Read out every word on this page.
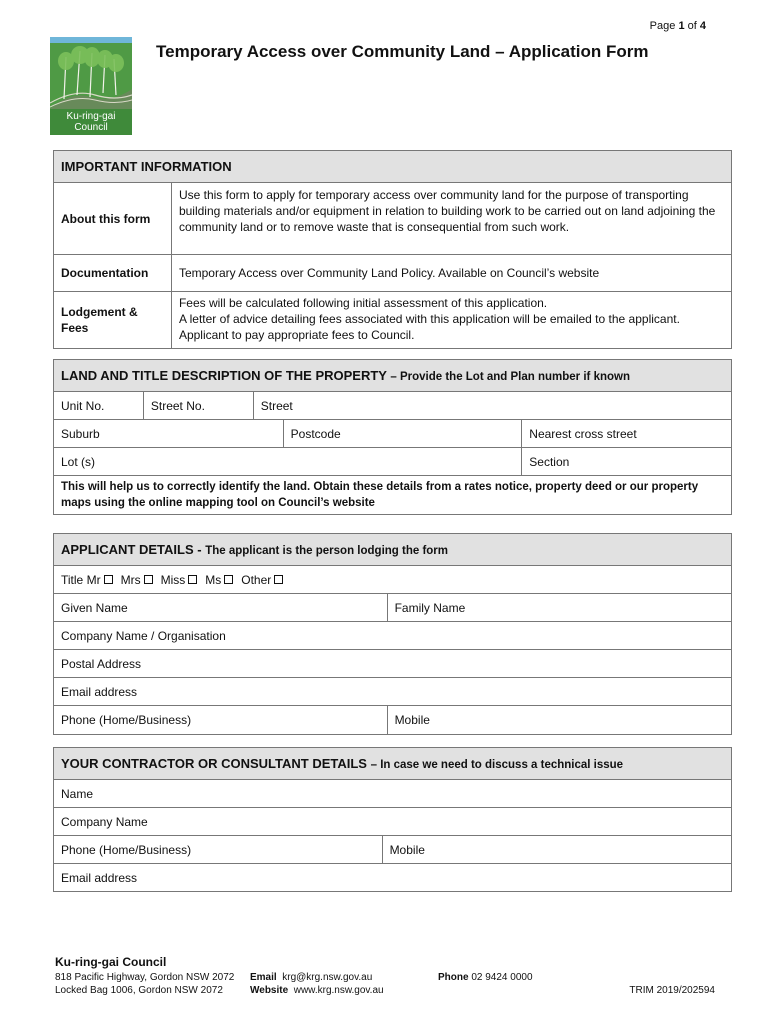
Page 1 of 4
Ku-ring-gai
Council
Temporary Access over Community Land – Application Form
IMPORTANT INFORMATION	
About this form	Use this form to apply for temporary access over community land for the purpose of transporting building materials and/or equipment in relation to building work to be carried out on land adjoining the community land or to remove waste that is consequential from such work.
Documentation	Temporary Access over Community Land Policy. Available on Council’s website
Lodgement & Fees	Fees will be calculated following initial assessment of this application.
A letter of advice detailing fees associated with this application will be emailed to the applicant.
Applicant to pay appropriate fees to Council.
LAND AND TITLE DESCRIPTION OF THE PROPERTY – Provide the Lot and Plan number if known				
Unit No.	Street No.	Street		
Suburb			Postcode	Nearest cross street
Lot (s)				Section
This will help us to correctly identify the land. Obtain these details from a rates notice, property deed or our property maps using the online mapping tool on Council’s website				
APPLICANT DETAILS - The applicant is the person lodging the form	
Title Mr Mrs Miss Ms Other	
Given Name	Family Name
Company Name / Organisation	
Postal Address	
Email address	
Phone (Home/Business)	Mobile
YOUR CONTRACTOR OR CONSULTANT DETAILS – In case we need to discuss a technical issue
Name
Company Name
Phone (Home/Business)	Mobile
Email address
Ku-ring-gai Council
818 Pacific Highway, Gordon NSW 2072	Email krg@krg.nsw.gov.au	Phone 02 9424 0000
Locked Bag 1006, Gordon NSW 2072	Website www.krg.nsw.gov.au	TRIM 2019/202594
